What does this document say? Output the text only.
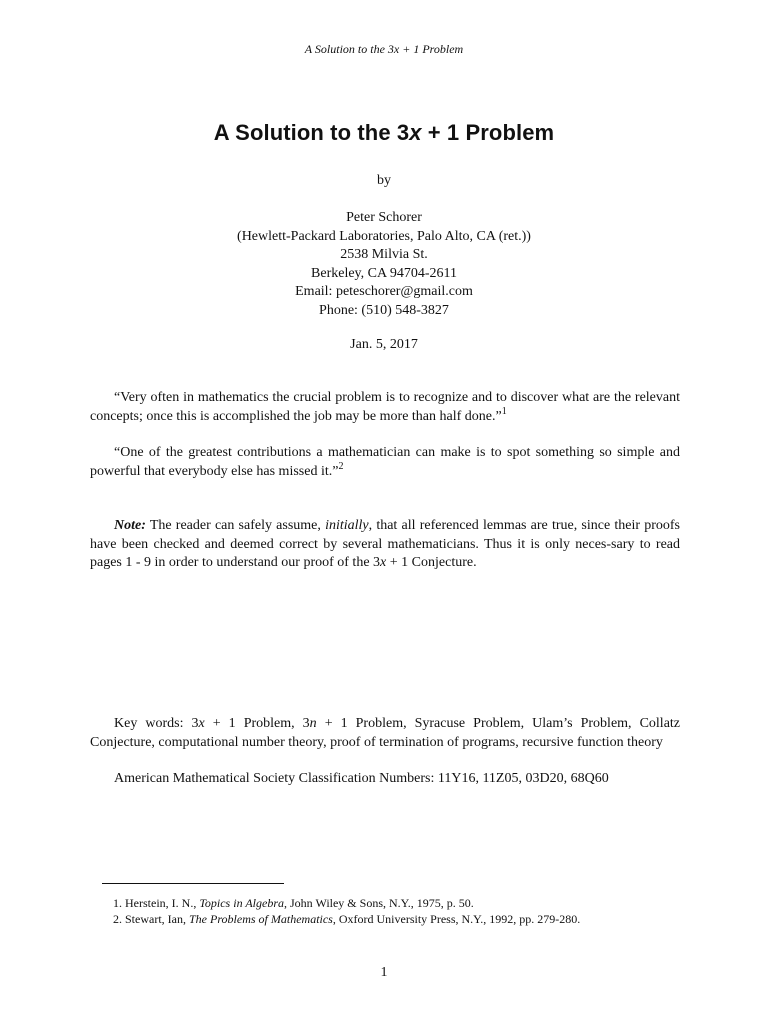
A Solution to the 3x + 1 Problem
A Solution to the 3x + 1 Problem
by
Peter Schorer
(Hewlett-Packard Laboratories, Palo Alto, CA (ret.))
2538 Milvia St.
Berkeley, CA 94704-2611
Email: peteschorer@gmail.com
Phone: (510) 548-3827
Jan. 5, 2017
“Very often in mathematics the crucial problem is to recognize and to discover what are the relevant concepts; once this is accomplished the job may be more than half done.”$^1$
“One of the greatest contributions a mathematician can make is to spot something so simple and powerful that everybody else has missed it.”$^2$
Note: The reader can safely assume, initially, that all referenced lemmas are true, since their proofs have been checked and deemed correct by several mathematicians. Thus it is only neces-sary to read pages 1 - 9 in order to understand our proof of the 3x + 1 Conjecture.
Key words: 3x + 1 Problem, 3n + 1 Problem, Syracuse Problem, Ulam’s Problem, Collatz Conjecture, computational number theory, proof of termination of programs, recursive function theory
American Mathematical Society Classification Numbers: 11Y16, 11Z05, 03D20, 68Q60
1. Herstein, I. N., Topics in Algebra, John Wiley & Sons, N.Y., 1975, p. 50.
2. Stewart, Ian, The Problems of Mathematics, Oxford University Press, N.Y., 1992, pp. 279-280.
1
